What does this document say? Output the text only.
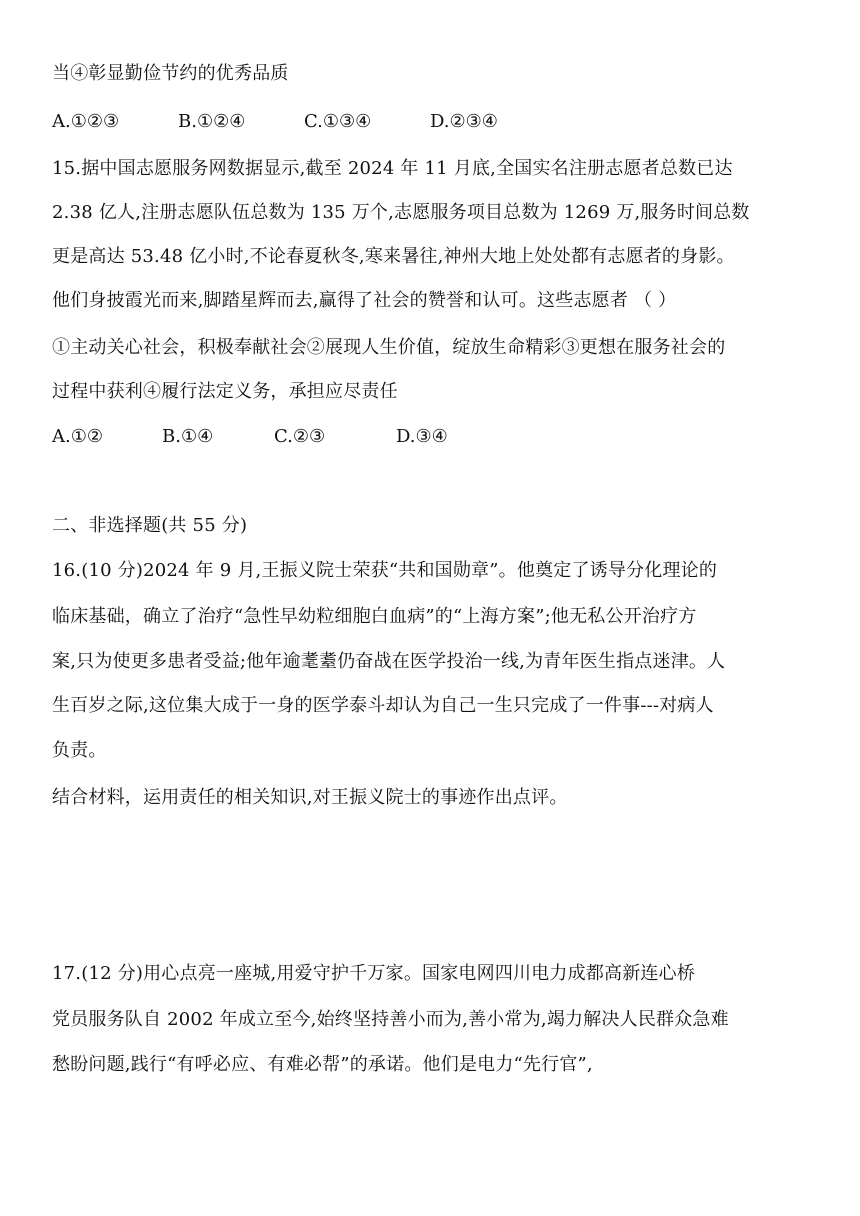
当④彰显勤俭节约的优秀品质
A.①②③	B.①②④	C.①③④	D.②③④
15.据中国志愿服务网数据显示,截至 2024 年 11 月底,全国实名注册志愿者总数已达
2.38 亿人,注册志愿队伍总数为 135 万个,志愿服务项目总数为 1269 万,服务时间总数
更是高达 53.48 亿小时,不论春夏秋冬,寒来暑往,神州大地上处处都有志愿者的身影。
他们身披霞光而来,脚踏星辉而去,赢得了社会的赞誉和认可。这些志愿者 （ ）
①主动关心社会，积极奉献社会②展现人生价值，绽放生命精彩③更想在服务社会的
过程中获利④履行法定义务，承担应尽责任
A.①②	B.①④	C.②③	D.③④
二、非选择题(共 55 分)
16.(10 分)2024 年 9 月,王振义院士荣获“共和国勋章”。他奠定了诱导分化理论的
临床基础，确立了治疗“急性早幼粒细胞白血病”的“上海方案”;他无私公开治疗方
案,只为使更多患者受益;他年逾耄耋仍奋战在医学投治一线,为青年医生指点迷津。人
生百岁之际,这位集大成于一身的医学泰斗却认为自己一生只完成了一件事---对病人
负责。
结合材料，运用责任的相关知识,对王振义院士的事迹作出点评。
17.(12 分)用心点亮一座城,用爱守护千万家。国家电网四川电力成都高新连心桥
党员服务队自 2002 年成立至今,始终坚持善小而为,善小常为,竭力解决人民群众急难
愁盼问题,践行“有呼必应、有难必帮”的承诺。他们是电力“先行官”,
